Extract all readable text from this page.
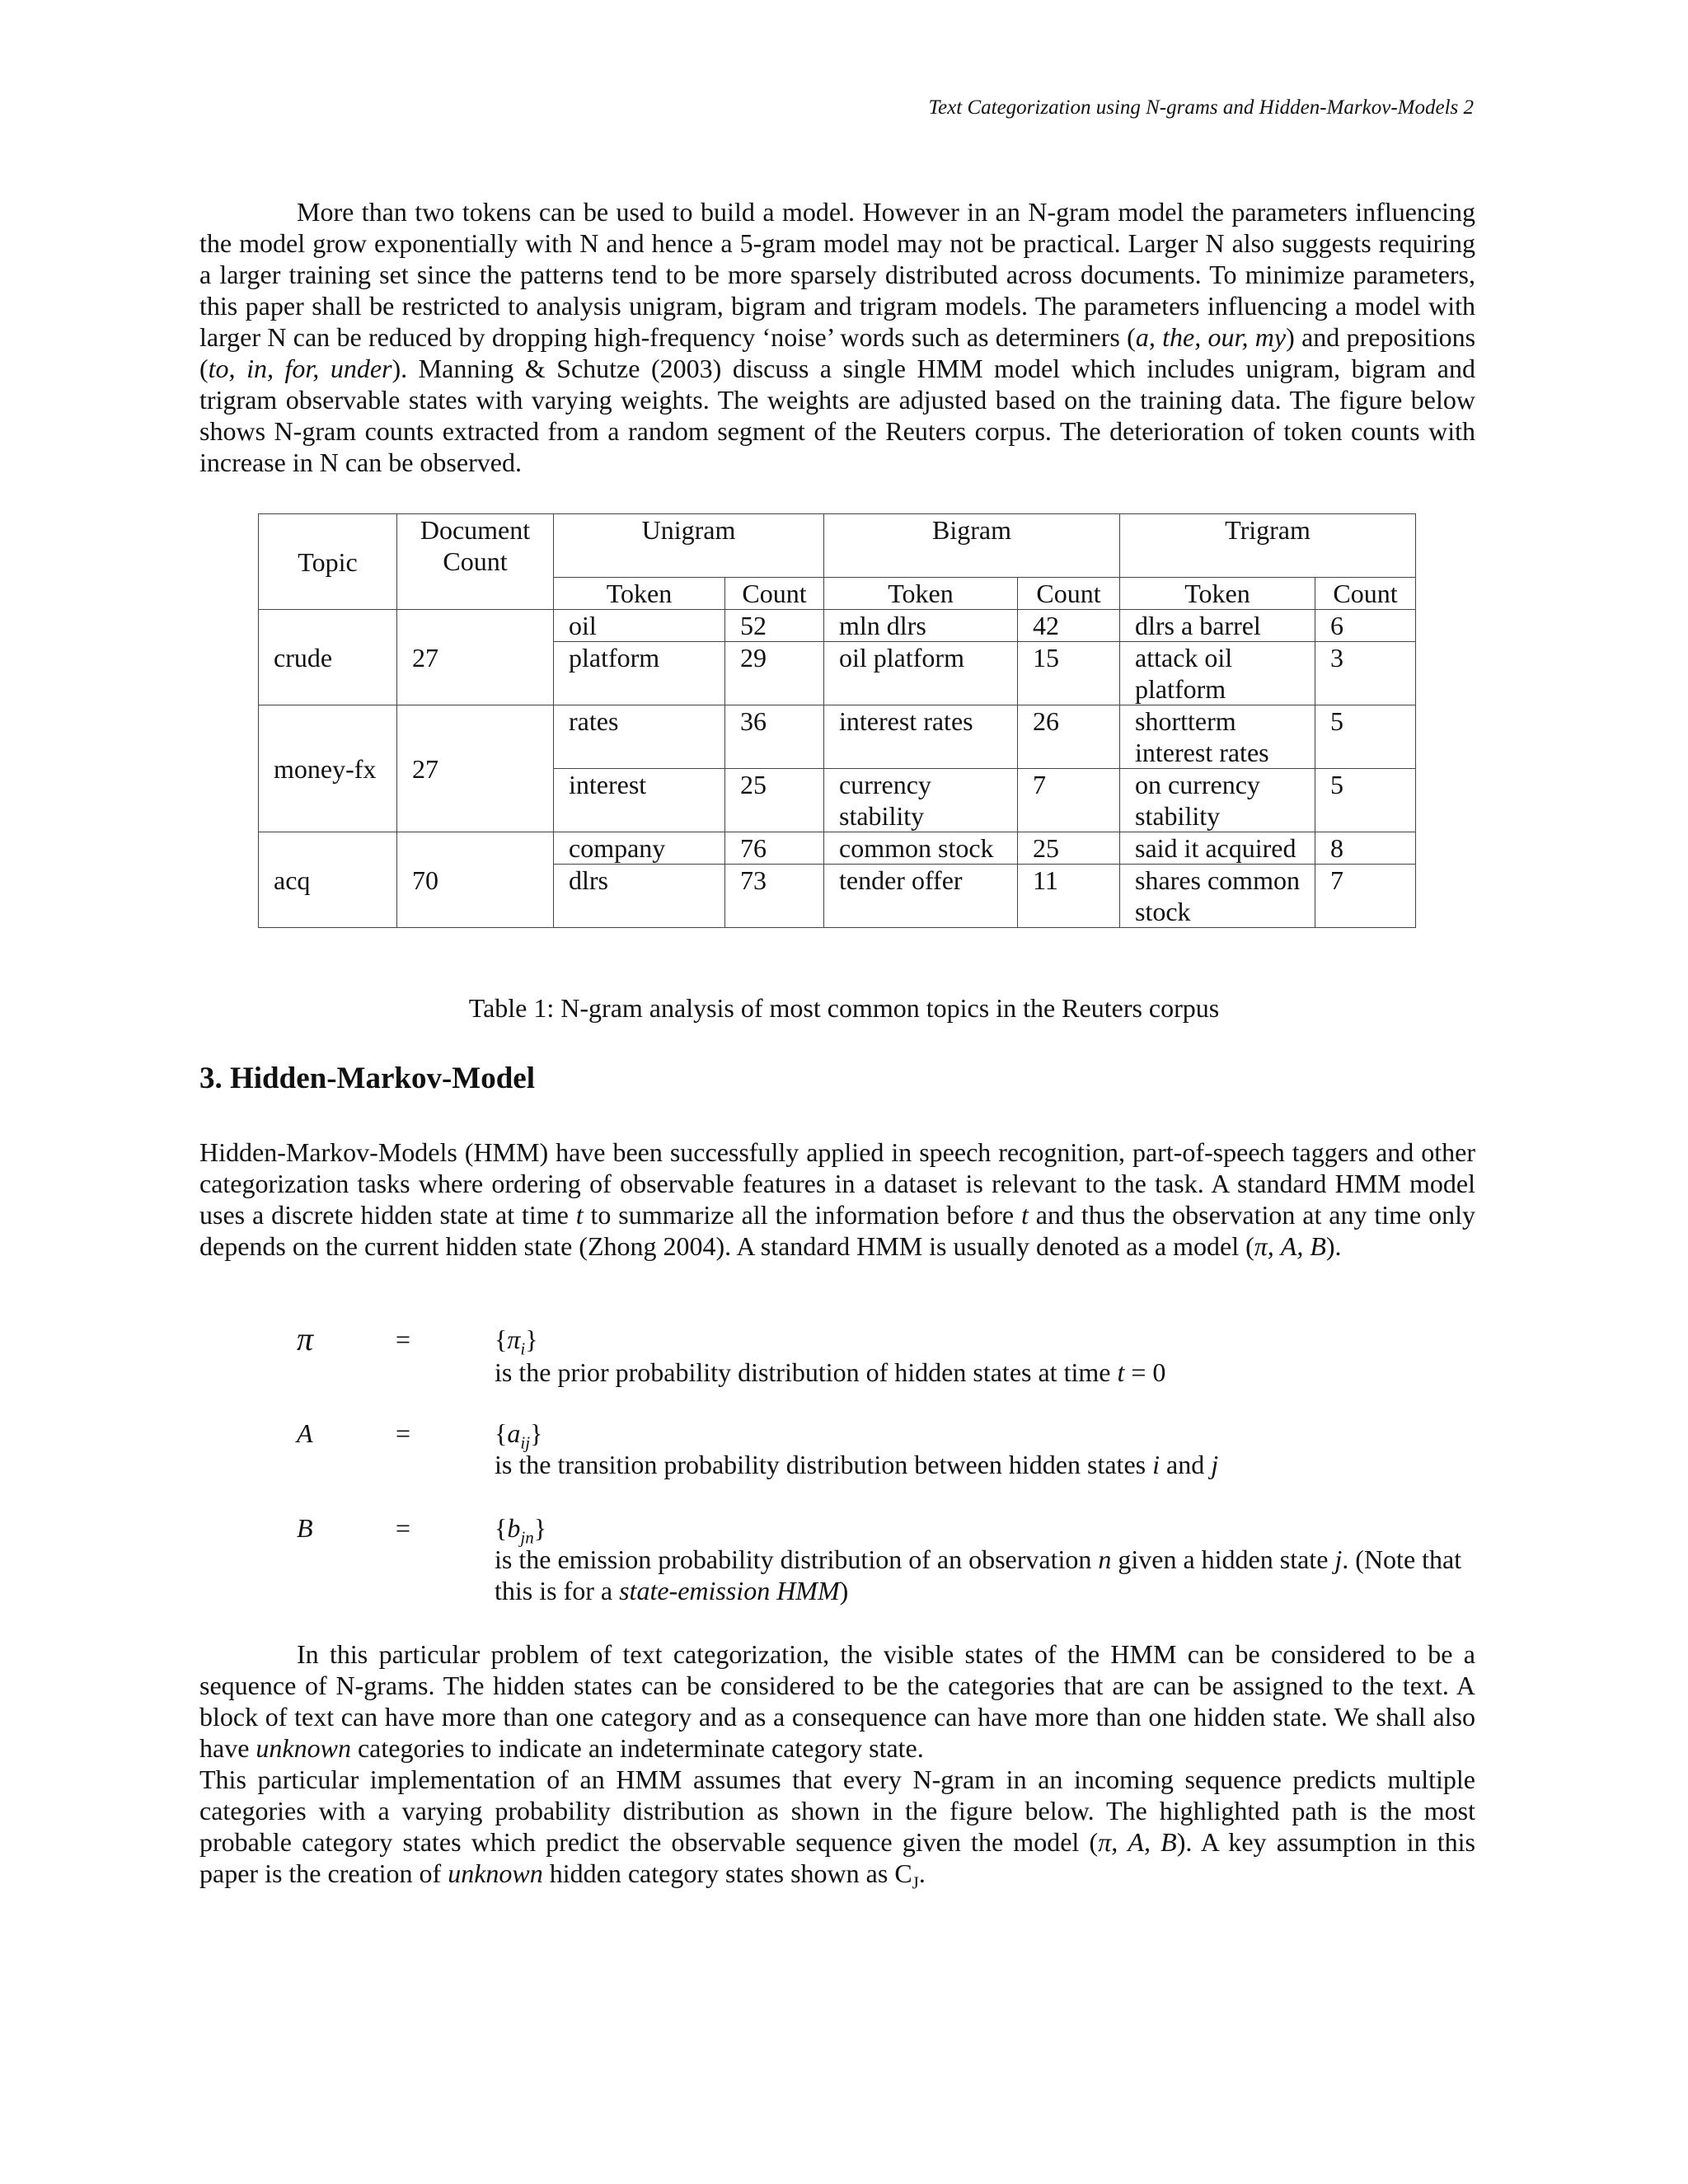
Text Categorization using N-grams and Hidden-Markov-Models 2

More than two tokens can be used to build a model. However in an N-gram model the parameters influencing the model grow exponentially with N and hence a 5-gram model may not be practical. Larger N also suggests requiring a larger training set since the patterns tend to be more sparsely distributed across documents. To minimize parameters, this paper shall be restricted to analysis unigram, bigram and trigram models. The parameters influencing a model with larger N can be reduced by dropping high-frequency ‘noise’ words such as determiners (a, the, our, my) and prepositions (to, in, for, under). Manning & Schutze (2003) discuss a single HMM model which includes unigram, bigram and trigram observable states with varying weights. The weights are adjusted based on the training data. The figure below shows N-gram counts extracted from a random segment of the Reuters corpus. The deterioration of token counts with increase in N can be observed.

Topic	Document Count	Unigram		Bigram		Trigram	
		Token	Count	Token	Count	Token	Count
crude	27	oil	52	mln dlrs	42	dlrs a barrel	6
		platform	29	oil platform	15	attack oil platform	3
money-fx	27	rates	36	interest rates	26	shortterm interest rates	5
		interest	25	currency stability	7	on currency stability	5
acq	70	company	76	common stock	25	said it acquired	8
		dlrs	73	tender offer	11	shares common stock	7
Table 1: N-gram analysis of most common topics in the Reuters corpus
3. Hidden-Markov-Model

Hidden-Markov-Models (HMM) have been successfully applied in speech recognition, part-of-speech taggers and other categorization tasks where ordering of observable features in a dataset is relevant to the task. A standard HMM model uses a discrete hidden state at time t to summarize all the information before t and thus the observation at any time only depends on the current hidden state (Zhong 2004). A standard HMM is usually denoted as a model (π, A, B).

π	=	$\{\pi_i\}$
is the prior probability distribution of hidden states at time t = 0
A	=	$\{a_{ij}\}$
is the transition probability distribution between hidden states i and j
B	=	$\{b_{jn}\}$
is the emission probability distribution of an observation n given a hidden state j. (Note that this is for a state-emission HMM)

In this particular problem of text categorization, the visible states of the HMM can be considered to be a sequence of N-grams. The hidden states can be considered to be the categories that are can be assigned to the text. A block of text can have more than one category and as a consequence can have more than one hidden state. We shall also have unknown categories to indicate an indeterminate category state.

This particular implementation of an HMM assumes that every N-gram in an incoming sequence predicts multiple categories with a varying probability distribution as shown in the figure below. The highlighted path is the most probable category states which predict the observable sequence given the model (π, A, B). A key assumption in this paper is the creation of unknown hidden category states shown as $C_J$.
